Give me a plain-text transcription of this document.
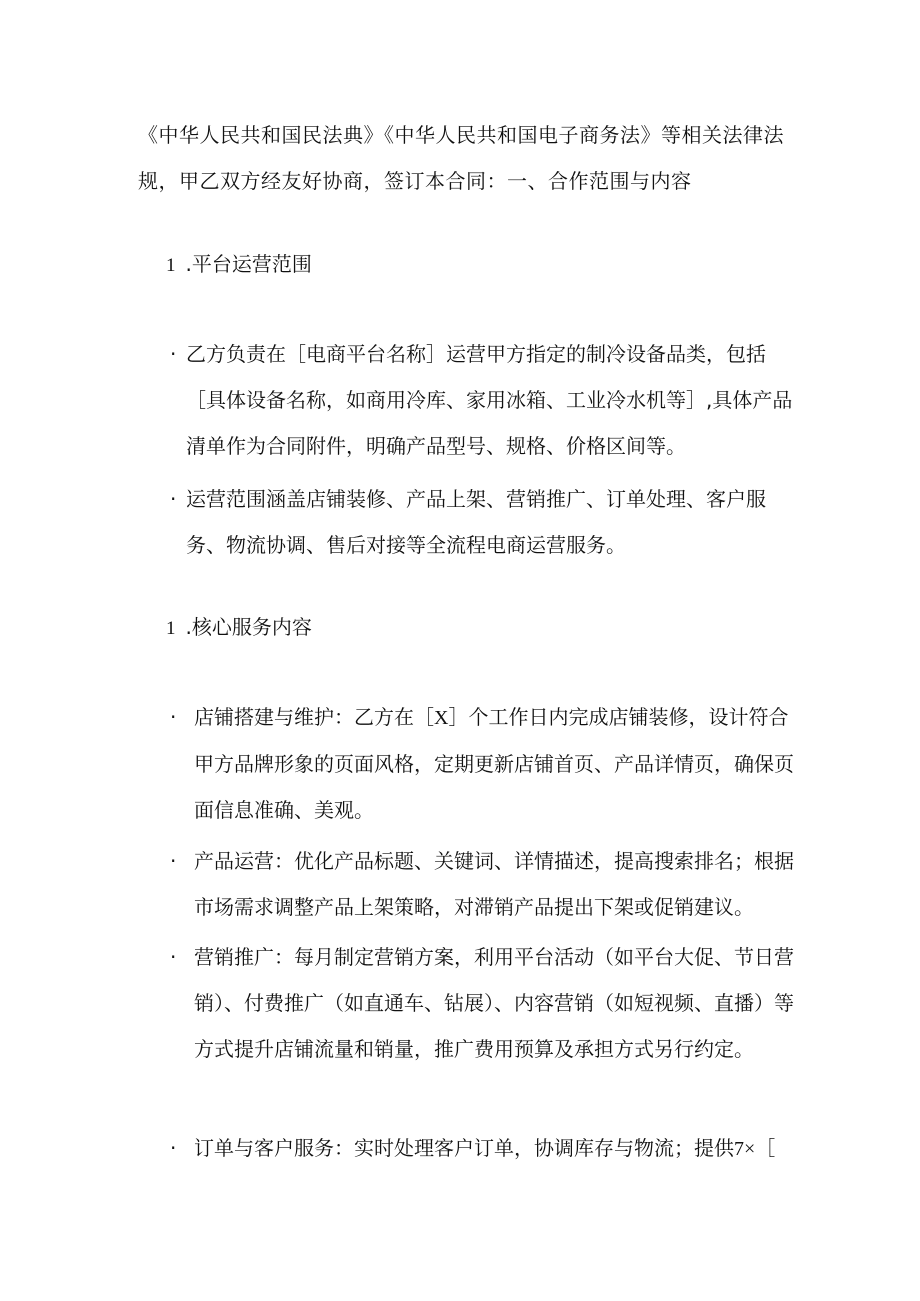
《中华人民共和国民法典》《中华人民共和国电子商务法》等相关法律法规，甲乙双方经友好协商，签订本合同：一、合作范围与内容

1 .平台运营范围

· 乙方负责在［电商平台名称］运营甲方指定的制冷设备品类，包括［具体设备名称，如商用冷库、家用冰箱、工业冷水机等］,具体产品清单作为合同附件，明确产品型号、规格、价格区间等。

· 运营范围涵盖店铺装修、产品上架、营销推广、订单处理、客户服务、物流协调、售后对接等全流程电商运营服务。

1 .核心服务内容

· 店铺搭建与维护：乙方在［X］个工作日内完成店铺装修，设计符合甲方品牌形象的页面风格，定期更新店铺首页、产品详情页，确保页面信息准确、美观。

· 产品运营：优化产品标题、关键词、详情描述，提高搜索排名；根据市场需求调整产品上架策略，对滞销产品提出下架或促销建议。

· 营销推广：每月制定营销方案，利用平台活动（如平台大促、节日营销）、付费推广（如直通车、钻展）、内容营销（如短视频、直播）等方式提升店铺流量和销量，推广费用预算及承担方式另行约定。

· 订单与客户服务：实时处理客户订单，协调库存与物流；提供7×［
